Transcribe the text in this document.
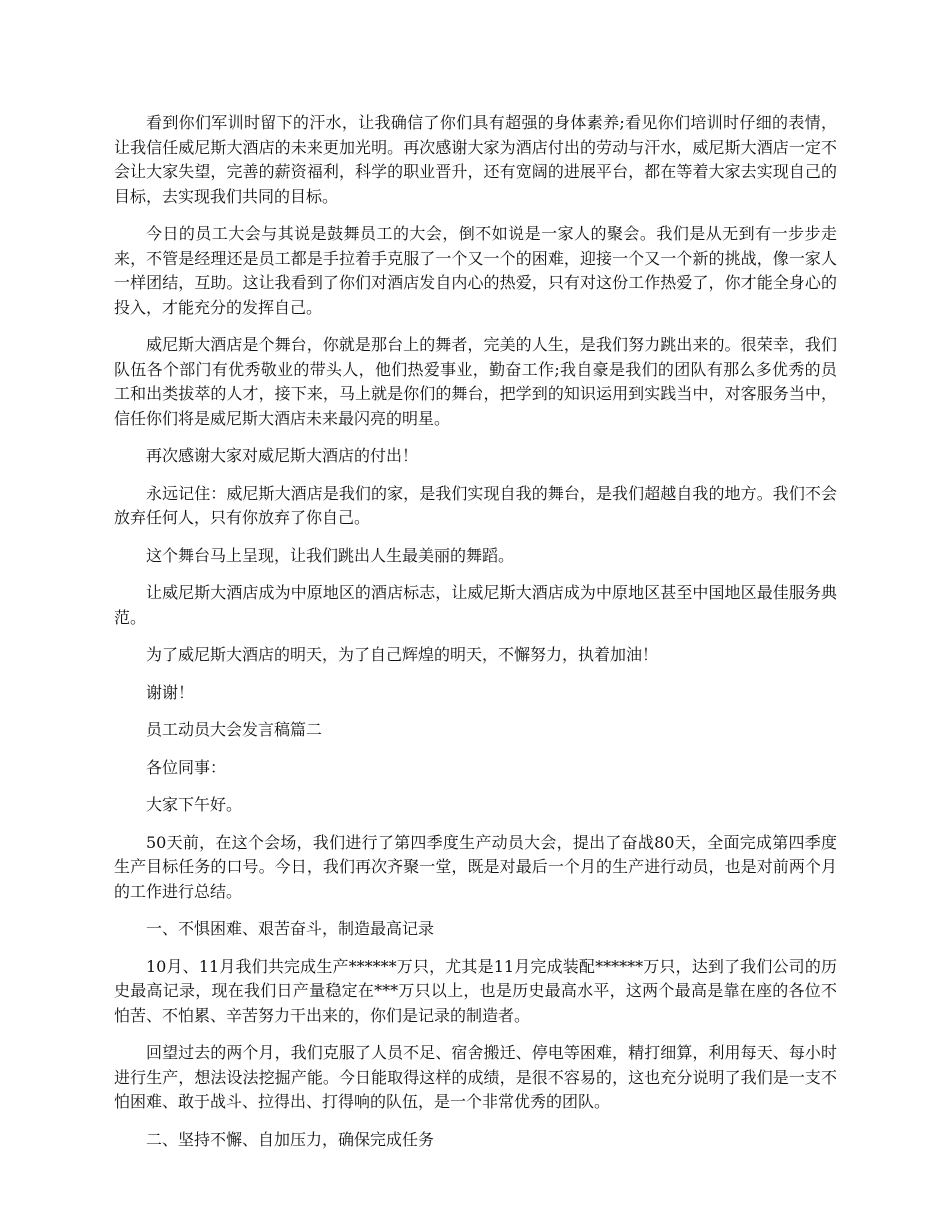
看到你们军训时留下的汗水，让我确信了你们具有超强的身体素养;看见你们培训时仔细的表情，让我信任威尼斯大酒店的未来更加光明。再次感谢大家为酒店付出的劳动与汗水，威尼斯大酒店一定不会让大家失望，完善的薪资福利，科学的职业晋升，还有宽阔的进展平台，都在等着大家去实现自己的目标，去实现我们共同的目标。

今日的员工大会与其说是鼓舞员工的大会，倒不如说是一家人的聚会。我们是从无到有一步步走来，不管是经理还是员工都是手拉着手克服了一个又一个的困难，迎接一个又一个新的挑战，像一家人一样团结，互助。这让我看到了你们对酒店发自内心的热爱，只有对这份工作热爱了，你才能全身心的投入，才能充分的发挥自己。

威尼斯大酒店是个舞台，你就是那台上的舞者，完美的人生，是我们努力跳出来的。很荣幸，我们队伍各个部门有优秀敬业的带头人，他们热爱事业，勤奋工作;我自豪是我们的团队有那么多优秀的员工和出类拔萃的人才，接下来，马上就是你们的舞台，把学到的知识运用到实践当中，对客服务当中，信任你们将是威尼斯大酒店未来最闪亮的明星。

再次感谢大家对威尼斯大酒店的付出！

永远记住：威尼斯大酒店是我们的家，是我们实现自我的舞台，是我们超越自我的地方。我们不会放弃任何人，只有你放弃了你自己。

这个舞台马上呈现，让我们跳出人生最美丽的舞蹈。

让威尼斯大酒店成为中原地区的酒店标志，让威尼斯大酒店成为中原地区甚至中国地区最佳服务典范。

为了威尼斯大酒店的明天，为了自己辉煌的明天，不懈努力，执着加油！

谢谢！

员工动员大会发言稿篇二

各位同事：

大家下午好。

50天前，在这个会场，我们进行了第四季度生产动员大会，提出了奋战80天，全面完成第四季度生产目标任务的口号。今日，我们再次齐聚一堂，既是对最后一个月的生产进行动员，也是对前两个月的工作进行总结。

一、不惧困难、艰苦奋斗，制造最高记录

10月、11月我们共完成生产******万只，尤其是11月完成装配******万只，达到了我们公司的历史最高记录，现在我们日产量稳定在***万只以上，也是历史最高水平，这两个最高是靠在座的各位不怕苦、不怕累、辛苦努力干出来的，你们是记录的制造者。

回望过去的两个月，我们克服了人员不足、宿舍搬迁、停电等困难，精打细算，利用每天、每小时进行生产，想法设法挖掘产能。今日能取得这样的成绩，是很不容易的，这也充分说明了我们是一支不怕困难、敢于战斗、拉得出、打得响的队伍，是一个非常优秀的团队。

二、坚持不懈、自加压力，确保完成任务
